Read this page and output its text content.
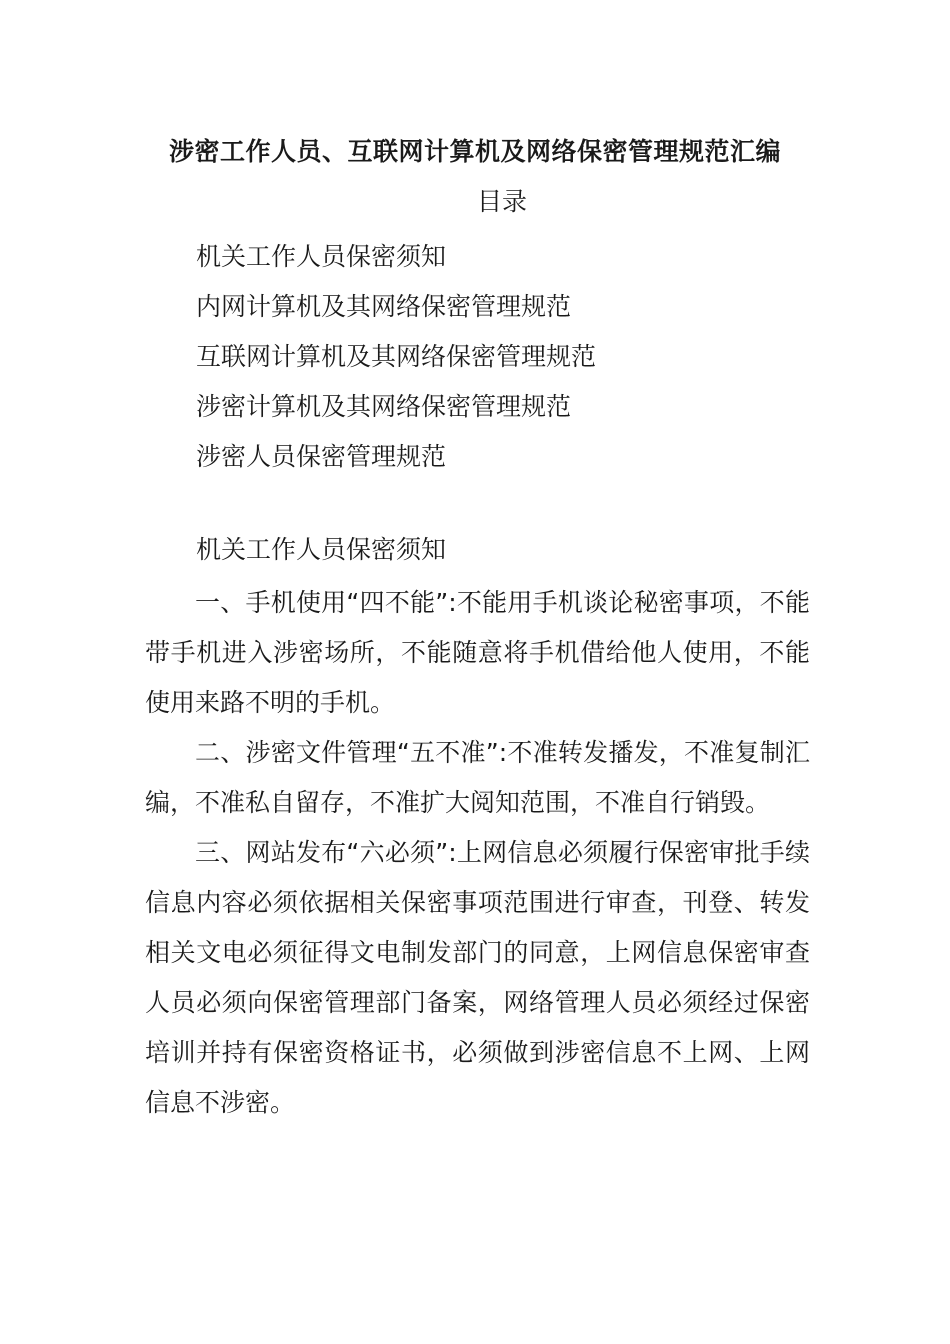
涉密工作人员、互联网计算机及网络保密管理规范汇编
目录
机关工作人员保密须知
内网计算机及其网络保密管理规范
互联网计算机及其网络保密管理规范
涉密计算机及其网络保密管理规范
涉密人员保密管理规范
机关工作人员保密须知

一、手机使用“四不能”:不能用手机谈论秘密事项，不能带手机进入涉密场所，不能随意将手机借给他人使用，不能使用来路不明的手机。

二、涉密文件管理“五不准”:不准转发播发，不准复制汇编，不准私自留存，不准扩大阅知范围，不准自行销毁。

三、网站发布“六必须”:上网信息必须履行保密审批手续信息内容必须依据相关保密事项范围进行审查，刊登、转发相关文电必须征得文电制发部门的同意，上网信息保密审查人员必须向保密管理部门备案，网络管理人员必须经过保密培训并持有保密资格证书，必须做到涉密信息不上网、上网信息不涉密。
